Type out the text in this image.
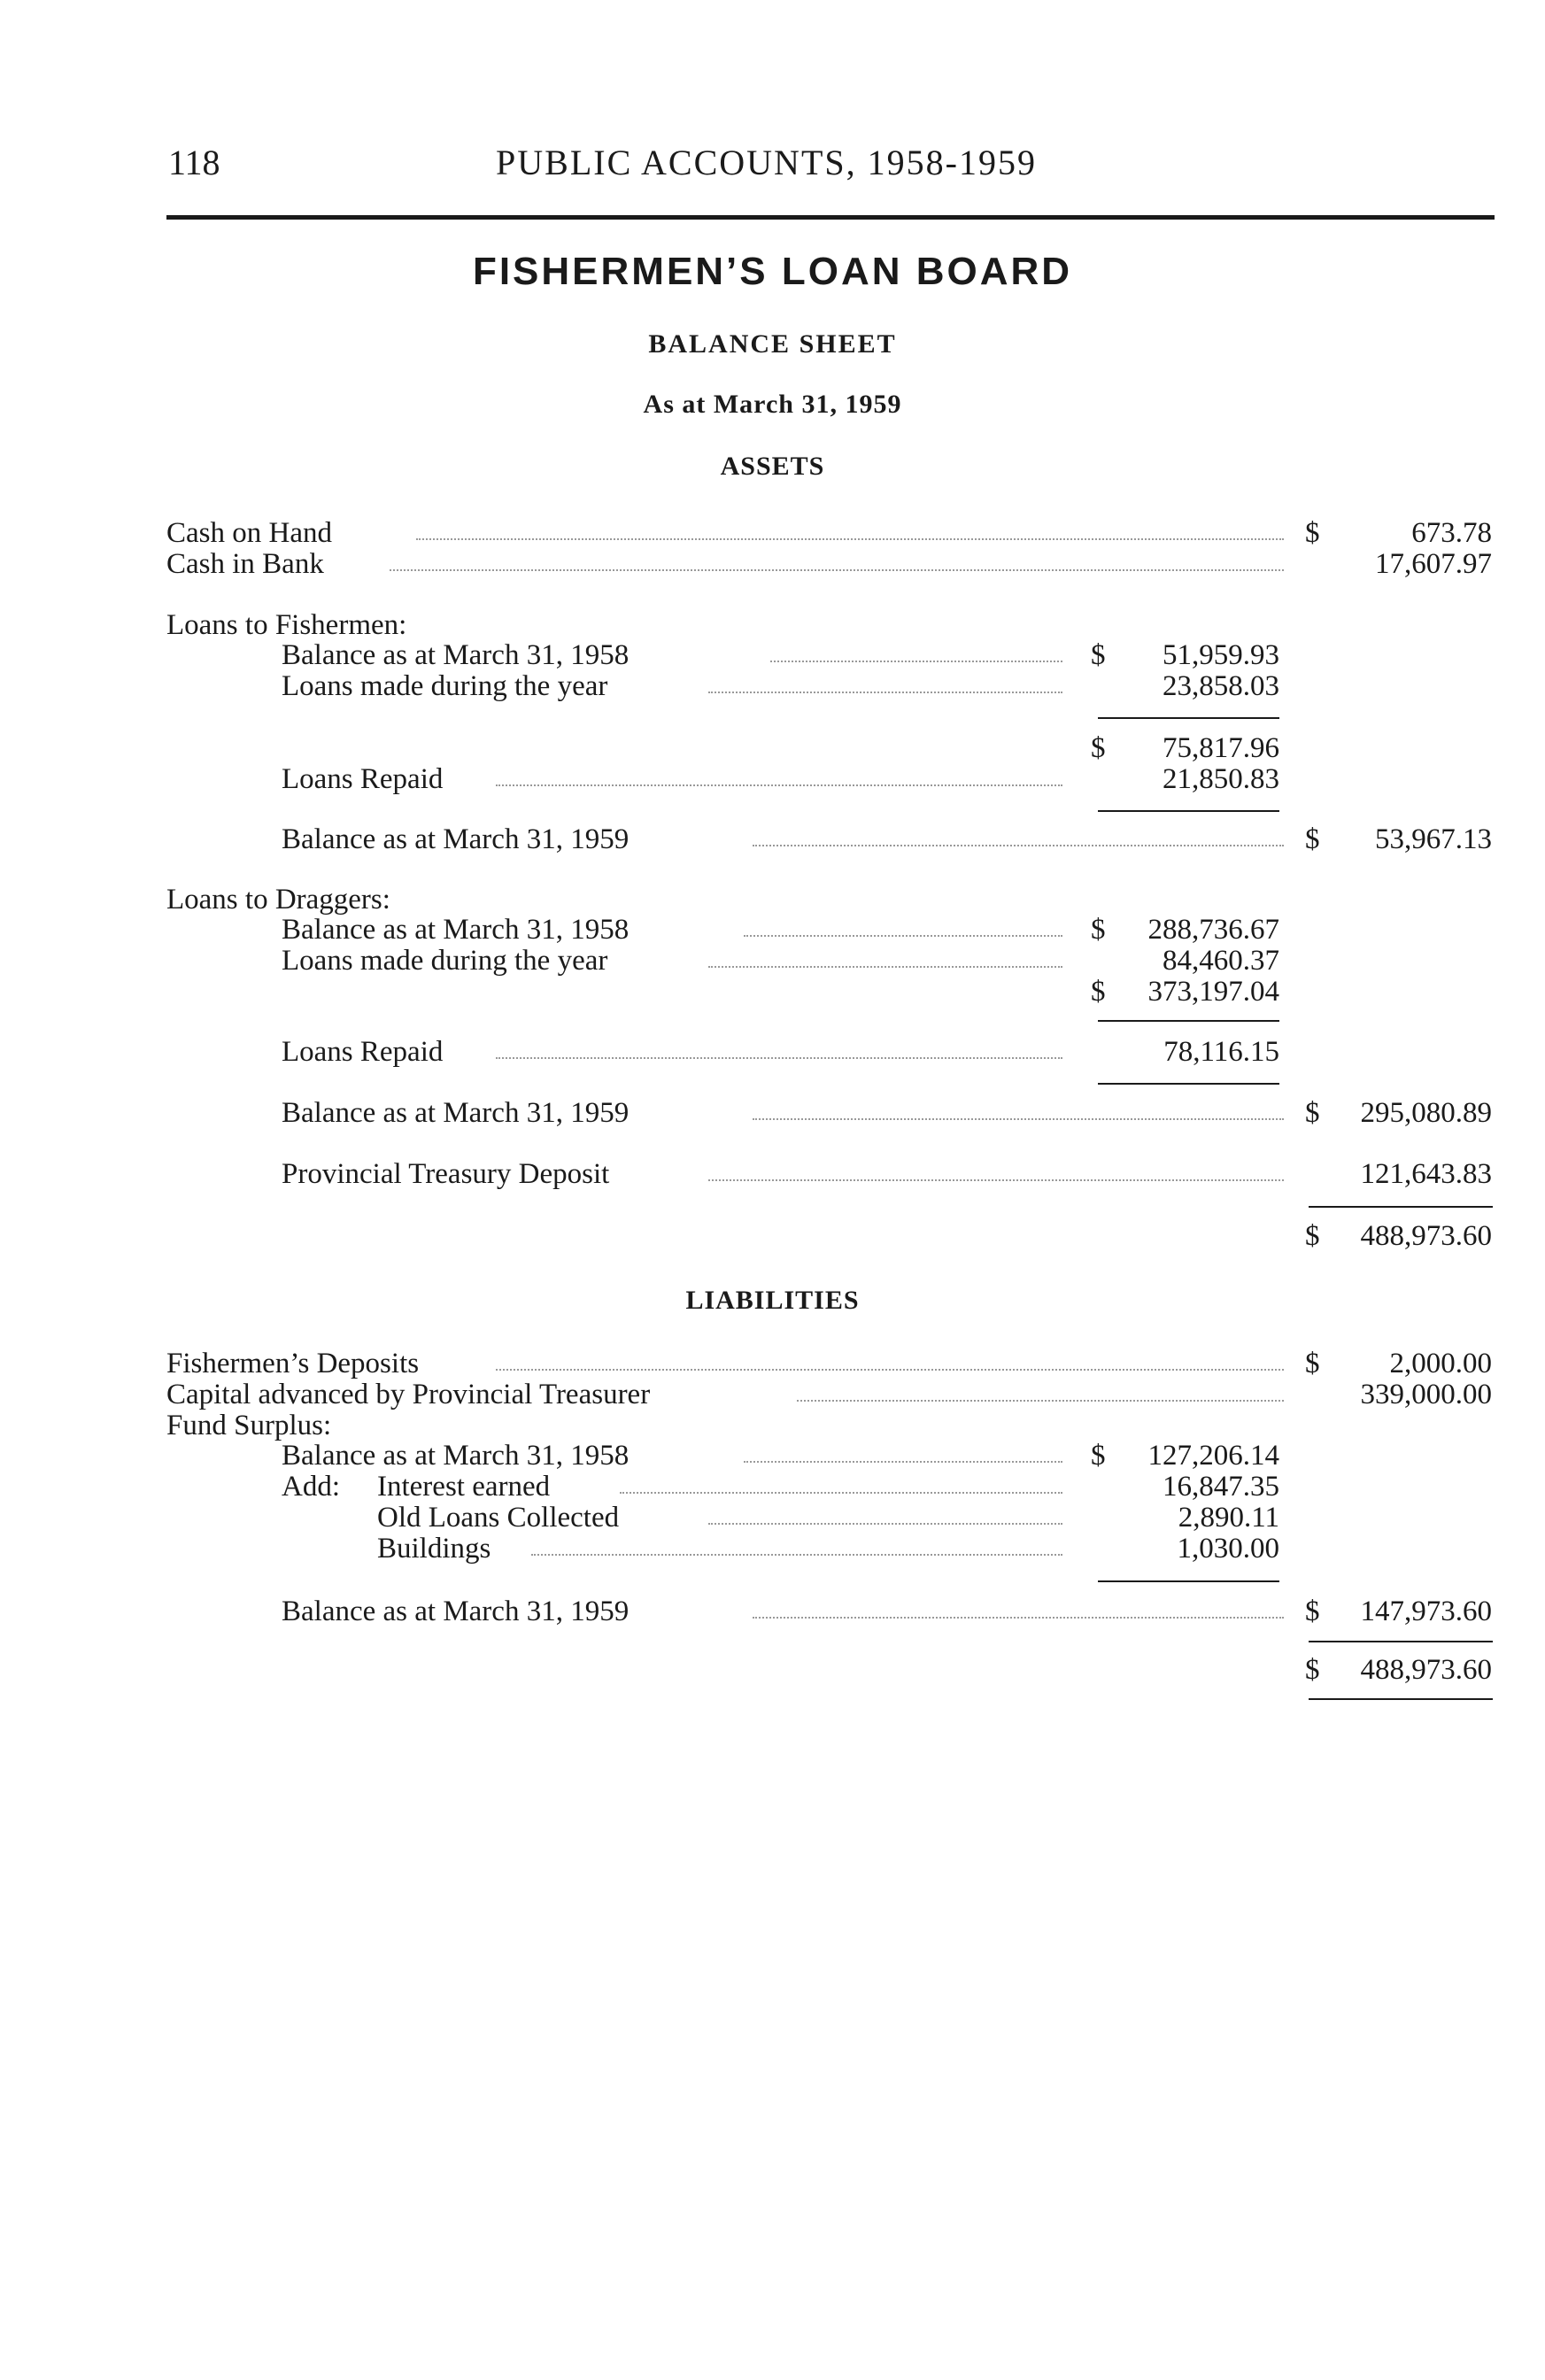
118	PUBLIC ACCOUNTS, 1958-1959
FISHERMEN’S LOAN BOARD
BALANCE SHEET
As at March 31, 1959
ASSETS
Cash on Hand	$	673.78
Cash in Bank	17,607.97
Loans to Fishermen:
Balance as at March 31, 1958	$	51,959.93
Loans made during the year	23,858.03
$	75,817.96
Loans Repaid	21,850.83
Balance as at March 31, 1959	$	53,967.13
Loans to Draggers:
Balance as at March 31, 1958	$	288,736.67
Loans made during the year	84,460.37
$	373,197.04
Loans Repaid	78,116.15
Balance as at March 31, 1959	$	295,080.89
Provincial Treasury Deposit	121,643.83
$	488,973.60
LIABILITIES
Fishermen’s Deposits	$	2,000.00
Capital advanced by Provincial Treasurer	339,000.00
Fund Surplus:
Balance as at March 31, 1958	$	127,206.14
Add: Interest earned	16,847.35
Old Loans Collected	2,890.11
Buildings	1,030.00
Balance as at March 31, 1959	$	147,973.60
$	488,973.60
